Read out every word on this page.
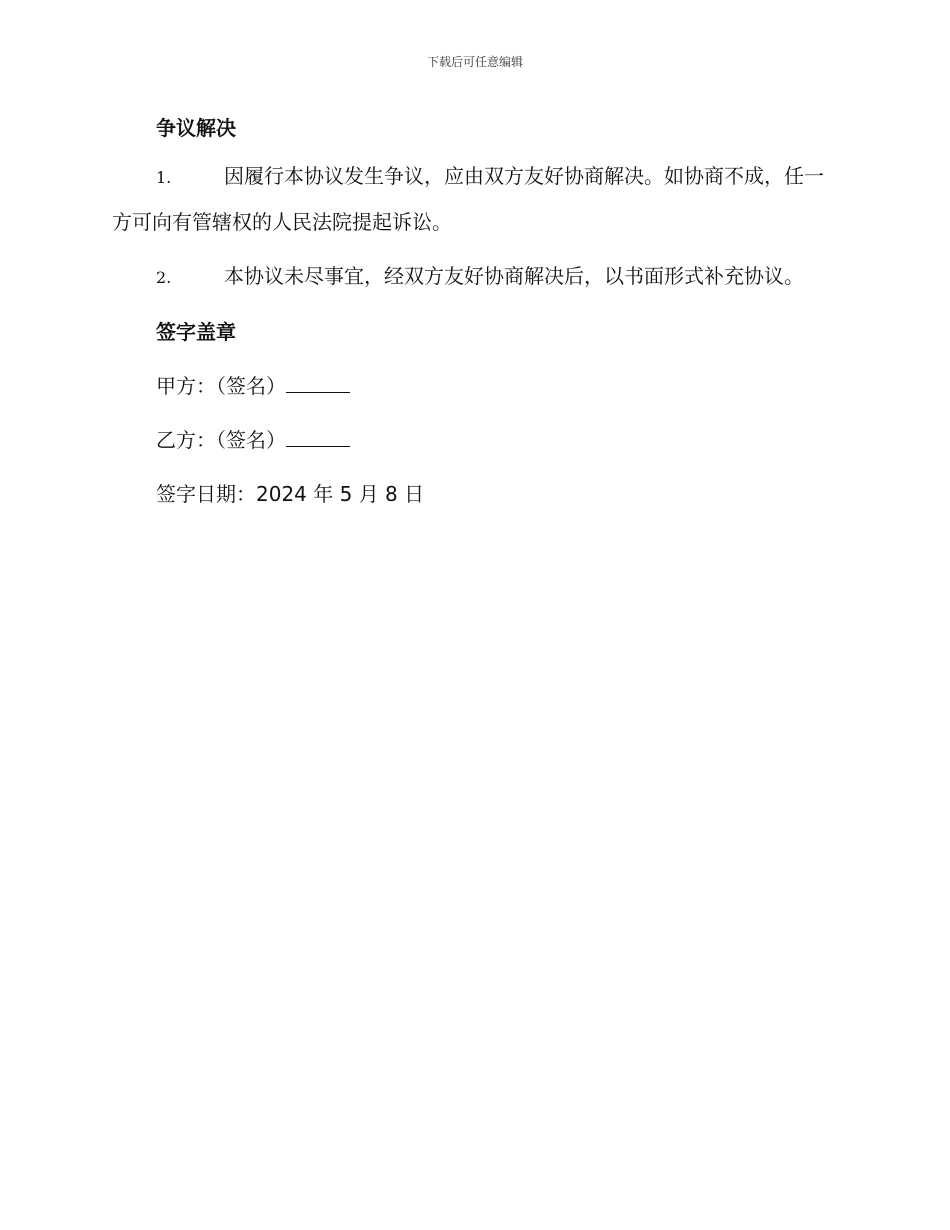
下载后可任意编辑

争议解决

1.	因履行本协议发生争议，应由双方友好协商解决。如协商不成，任一方可向有管辖权的人民法院提起诉讼。

2.	本协议未尽事宜，经双方友好协商解决后，以书面形式补充协议。

签字盖章

甲方：（签名）

乙方：（签名）

签字日期：2024 年 5 月 8 日
